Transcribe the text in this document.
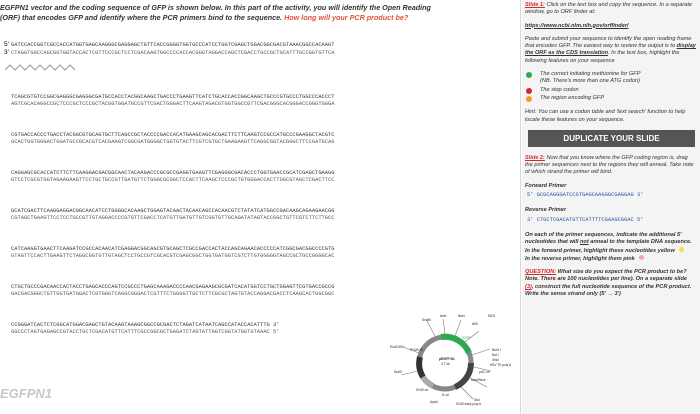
EGFPN1 vector and the coding sequence of GFP is shown below. In this part of the activity, you will identify the Open Reading
(ORF) that encodes GFP and identify where the PCR primers bind to the sequence. How long will your PCR product be?
5' GATCCACCGGTCGCCACCATGGTGAGCAAGGGCGAGGAGCTGTTCACCGGGGTGGTGCCCATCCTGGTCGAGCTGGACGGCGACGTAAACGGCCACAAGT
3' CTAGGTGGCCAGCGGTGGTACCACTCGTTCCCGCTCCTCGACAAGTGGCCCCACCACGGGTAGGACCAGCTCGACCTGCCGCTGCATTTGCCGGTGTTCA
TCAGCGTGTCCGGCGAGGGCGAGGGCGATGCCACCTACGGCAAGCTGACCCTGAAGTTCATCTGCACCACCGGCAAGCTGCCCGTGCCCTGGCCCACCCT
AGTCGCACAGGCCGCTCCCGCTCCCGCTACGGTGGATGCCGTTCGACTGGGACTTCAAGTAGACGTGGTGGCCGTTCGACGGGCACGGGACCGGGTGGGA
CGTGACCACCCTGACCTACGGCGTGCAGTGCTTCAGCCGCTACCCCGACCACATGAAGCAGCACGACTTCTTCAAGTCCGCCATGCCCGAAGGCTACGTC
GCACTGGTGGGACTGGATGCCGCACGTCACGAAGTCGGCGATGGGGCTGGTGTACTTCGTCGTGCTGAAGAAGTTCAGGCGGTACGGGCTTCCGATGCAG
CAGGAGCGCACCATCTTCTTCAAGGACGACGGCAACTACAAGACCCGCGCCGAGGTGAAGTTCGAGGGCGACACCCTGGTGAACCGCATCGAGCTGAAGG
GTCCTCGCGTGGTAGAAGAAGTTCCTGCTGCCGTTGATGTTCTGGGCGCGGCTCCACTTCAAGCTCCCGCTGTGGGACCACTTGGCGTAGCTCGACTTCC
GCATCGACTTCAAGGAGGACGGCAACATCCTGGGGCACAAGCTGGAGTACAACTACAACAGCCACAACGTCTATATCATGGCCGACAAGCAGAAGAACGG
CGTAGCTGAAGTTCCTCCTGCCGTTGTAGGACCCCGTGTTCGACCTCATGTTGATGTTGTCGGTGTTGCAGATATAGTACCGGCTGTTCGTCTTCTTGCC
CATCAAGGTGAACTTCAAGATCCGCCACAACATCGAGGACGGCAGCGTGCAGCTCGCCGACCACTACCAGCAGAACACCCCCATCGGCGACGGCCCCGTG
GTAGTTCCACTTGAAGTTCTAGGCGGTGTTGTAGCTCCTGCCGTCGCACGTCGAGCGGCTGGTGATGGTCGTCTTGTGGGGGTAGCCGCTGCCGGGGCAC
CTGCTGCCCGACAACCACTACCTGAGCACCCAGTCCGCCCTGAGCAAAGACCCCAACGAGAAGCGCGATCACATGGTCCTGCTGGAGTTCGTGACCGCCG
GACGACGGGCTGTTGGTGATGGACTCGTGGGTCAGGCGGGACTCGTTTCTGGGGTTGCTCTTCGCGCTAGTGTACCAGGACGACCTCAAGCACTGGCGGC
CCGGGATCACTCTCGGCATGGACGAGCTGTACAAGTAAAGCGGCCGCGACTCTAGATCATAATCAGCCATACCACATTTG 3'
GGCCCTAGTGAGAGCCGTACCTGCTCGACATGTTCATTTCGCCGGCGCTGAGATCTAGTATTAGTCGGTATGGTGTAAAC 5'
pEGFP-N1
4.7 kb
EGFP
MCS
SV40 ori
PCMV IE
Kanr/Neor
f1 ori
pUC ori
HSV TK poly A
SV40 early poly A
AseI	NdeI
SnaBI
Eco0109 I
DraIII
StuI
BsrG I
Not I
XbaI
AflII
ApaLI
EGFPN1

Slide 1: Click on the text box and copy the sequence. In a separate window, go to ORF finder at:

https://www.ncbi.nlm.nih.gov/orffinder/

Paste and submit your sequence to identify the open reading frame that encodes GFP. The easiest way to review the output is to display the ORF as the CDS translation. In the text box, highlight the following features on your sequence

The correct initiating methionine for GFP
(NB. There's more than one ATG codon)
The stop codon
The region encoding GFP

Hint: You can use a codon table and 'text search' function to help locate these features on your sequence.

DUPLICATE YOUR SLIDE

Slide 2: Now that you know where the GFP coding region is, drag the primer sequences next to the regions they will anneal. Take note of which strand the primer will bind.

Forward Primer
5' GCGCAGGGATCCGTGAGCAAGGGCGAGGAG 3'
Reverse Primer
3' CTGCTCGACATGTTCATTTTCGAAGCGGAC 5'

On each of the primer sequences, indicate the additional 5' nucleotides that will not anneal to the template DNA sequence. In the forward primer, highlight these nucleotides yellow
In the reverse primer, highlight them pink

QUESTION: What size do you expect the PCR product to be? Note. There are 100 nucleotides per line). On a separate slide (3), construct the full nucleotide sequence of the PCR product. Write the sense strand only (5' → 3')
